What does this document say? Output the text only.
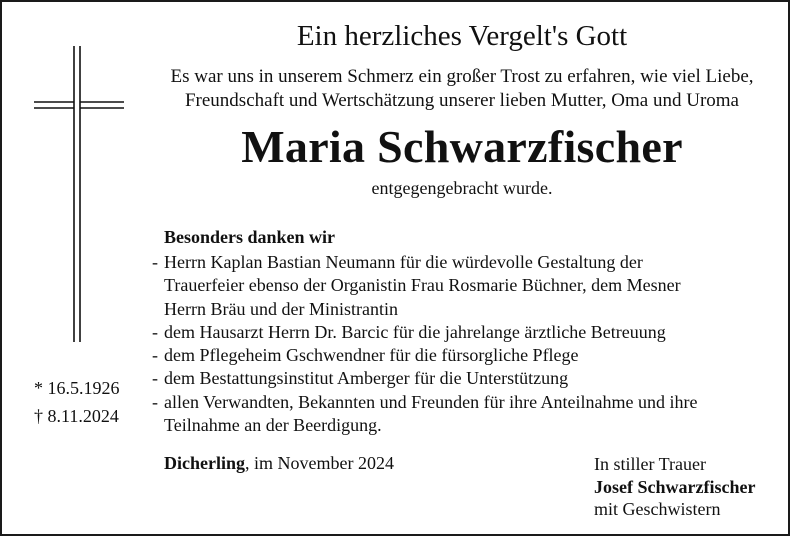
Ein herzliches Vergelt's Gott
Es war uns in unserem Schmerz ein großer Trost zu erfahren, wie viel Liebe,
Freundschaft und Wertschätzung unserer lieben Mutter, Oma und Uroma
Maria Schwarzfischer
entgegengebracht wurde.
Besonders danken wir
- Herrn Kaplan Bastian Neumann für die würdevolle Gestaltung der
Trauerfeier ebenso der Organistin Frau Rosmarie Büchner, dem Mesner
Herrn Bräu und der Ministrantin
- dem Hausarzt Herrn Dr. Barcic für die jahrelange ärztliche Betreuung
- dem Pflegeheim Gschwendner für die fürsorgliche Pflege
- dem Bestattungsinstitut Amberger für die Unterstützung
- allen Verwandten, Bekannten und Freunden für ihre Anteilnahme und ihre
Teilnahme an der Beerdigung.
* 16.5.1926
† 8.11.2024
Dicherling, im November 2024	In stiller Trauer
Josef Schwarzfischer
mit Geschwistern
